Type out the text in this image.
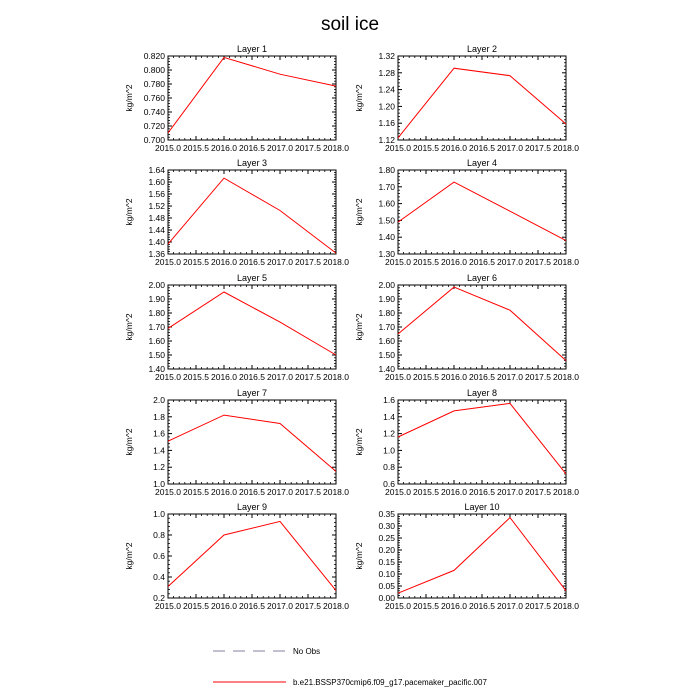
soil ice
Layer 1
kg/m^2
0.700
0.720
0.740
0.760
0.780
0.800
0.820
2015.0 2015.5 2016.0 2016.5 2017.0 2017.5 2018.0
Layer 2
kg/m^2
1.12
1.16
1.20
1.24
1.28
1.32
2015.0 2015.5 2016.0 2016.5 2017.0 2017.5 2018.0
Layer 3
kg/m^2
1.36
1.40
1.44
1.48
1.52
1.56
1.60
1.64
2015.0 2015.5 2016.0 2016.5 2017.0 2017.5 2018.0
Layer 4
kg/m^2
1.30
1.40
1.50
1.60
1.70
1.80
2015.0 2015.5 2016.0 2016.5 2017.0 2017.5 2018.0
Layer 5
kg/m^2
1.40
1.50
1.60
1.70
1.80
1.90
2.00
2015.0 2015.5 2016.0 2016.5 2017.0 2017.5 2018.0
Layer 6
kg/m^2
1.40
1.50
1.60
1.70
1.80
1.90
2.00
2015.0 2015.5 2016.0 2016.5 2017.0 2017.5 2018.0
Layer 7
kg/m^2
1.0
1.2
1.4
1.6
1.8
2.0
2015.0 2015.5 2016.0 2016.5 2017.0 2017.5 2018.0
Layer 8
kg/m^2
0.6
0.8
1.0
1.2
1.4
1.6
2015.0 2015.5 2016.0 2016.5 2017.0 2017.5 2018.0
Layer 9
kg/m^2
0.2
0.4
0.6
0.8
1.0
2015.0 2015.5 2016.0 2016.5 2017.0 2017.5 2018.0
Layer 10
kg/m^2
0.00
0.05
0.10
0.15
0.20
0.25
0.30
0.35
2015.0 2015.5 2016.0 2016.5 2017.0 2017.5 2018.0
No Obs
b.e21.BSSP370cmip6.f09_g17.pacemaker_pacific.007
